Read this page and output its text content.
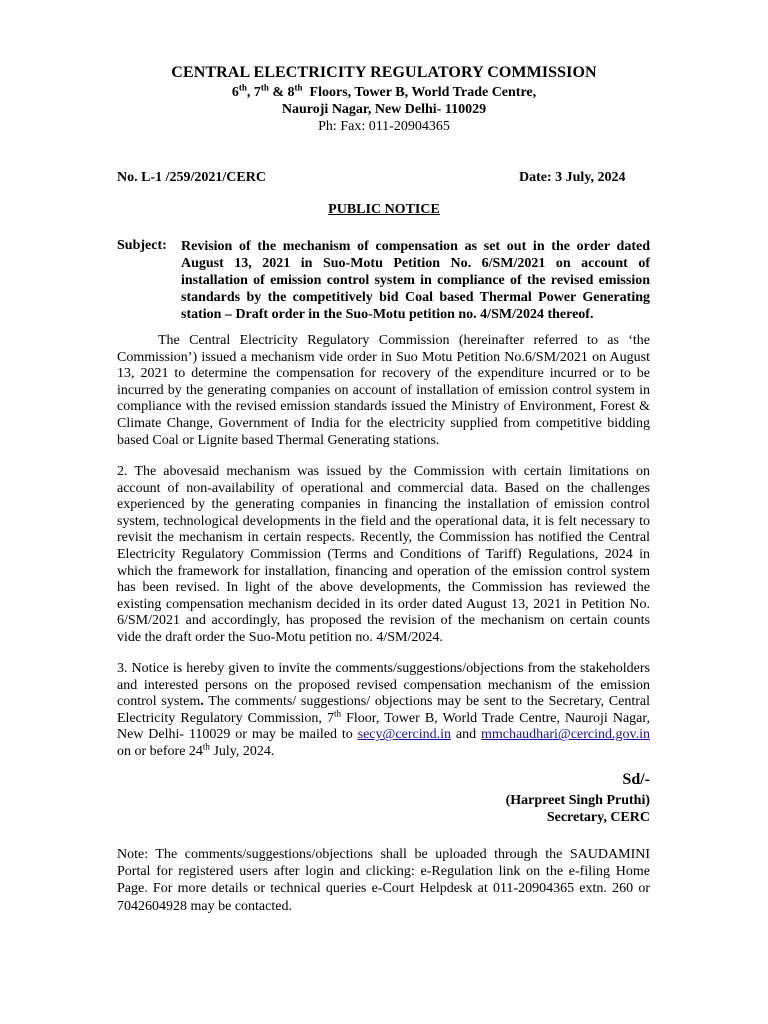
CENTRAL ELECTRICITY REGULATORY COMMISSION
6th, 7th & 8th Floors, Tower B, World Trade Centre,
Nauroji Nagar, New Delhi- 110029
Ph: Fax: 011-20904365
No. L-1 /259/2021/CERC	Date: 3 July, 2024
PUBLIC NOTICE
Subject: Revision of the mechanism of compensation as set out in the order dated August 13, 2021 in Suo-Motu Petition No. 6/SM/2021 on account of installation of emission control system in compliance of the revised emission standards by the competitively bid Coal based Thermal Power Generating station – Draft order in the Suo-Motu petition no. 4/SM/2024 thereof.
The Central Electricity Regulatory Commission (hereinafter referred to as ‘the Commission’) issued a mechanism vide order in Suo Motu Petition No.6/SM/2021 on August 13, 2021 to determine the compensation for recovery of the expenditure incurred or to be incurred by the generating companies on account of installation of emission control system in compliance with the revised emission standards issued the Ministry of Environment, Forest & Climate Change, Government of India for the electricity supplied from competitive bidding based Coal or Lignite based Thermal Generating stations.
2. The abovesaid mechanism was issued by the Commission with certain limitations on account of non-availability of operational and commercial data. Based on the challenges experienced by the generating companies in financing the installation of emission control system, technological developments in the field and the operational data, it is felt necessary to revisit the mechanism in certain respects. Recently, the Commission has notified the Central Electricity Regulatory Commission (Terms and Conditions of Tariff) Regulations, 2024 in which the framework for installation, financing and operation of the emission control system has been revised. In light of the above developments, the Commission has reviewed the existing compensation mechanism decided in its order dated August 13, 2021 in Petition No. 6/SM/2021 and accordingly, has proposed the revision of the mechanism on certain counts vide the draft order the Suo-Motu petition no. 4/SM/2024.
3. Notice is hereby given to invite the comments/suggestions/objections from the stakeholders and interested persons on the proposed revised compensation mechanism of the emission control system. The comments/ suggestions/ objections may be sent to the Secretary, Central Electricity Regulatory Commission, 7th Floor, Tower B, World Trade Centre, Nauroji Nagar, New Delhi- 110029 or may be mailed to secy@cercind.in and mmchaudhari@cercind.gov.in on or before 24th July, 2024.
Sd/-
(Harpreet Singh Pruthi)
Secretary, CERC
Note: The comments/suggestions/objections shall be uploaded through the SAUDAMINI Portal for registered users after login and clicking: e-Regulation link on the e-filing Home Page. For more details or technical queries e-Court Helpdesk at 011-20904365 extn. 260 or 7042604928 may be contacted.
